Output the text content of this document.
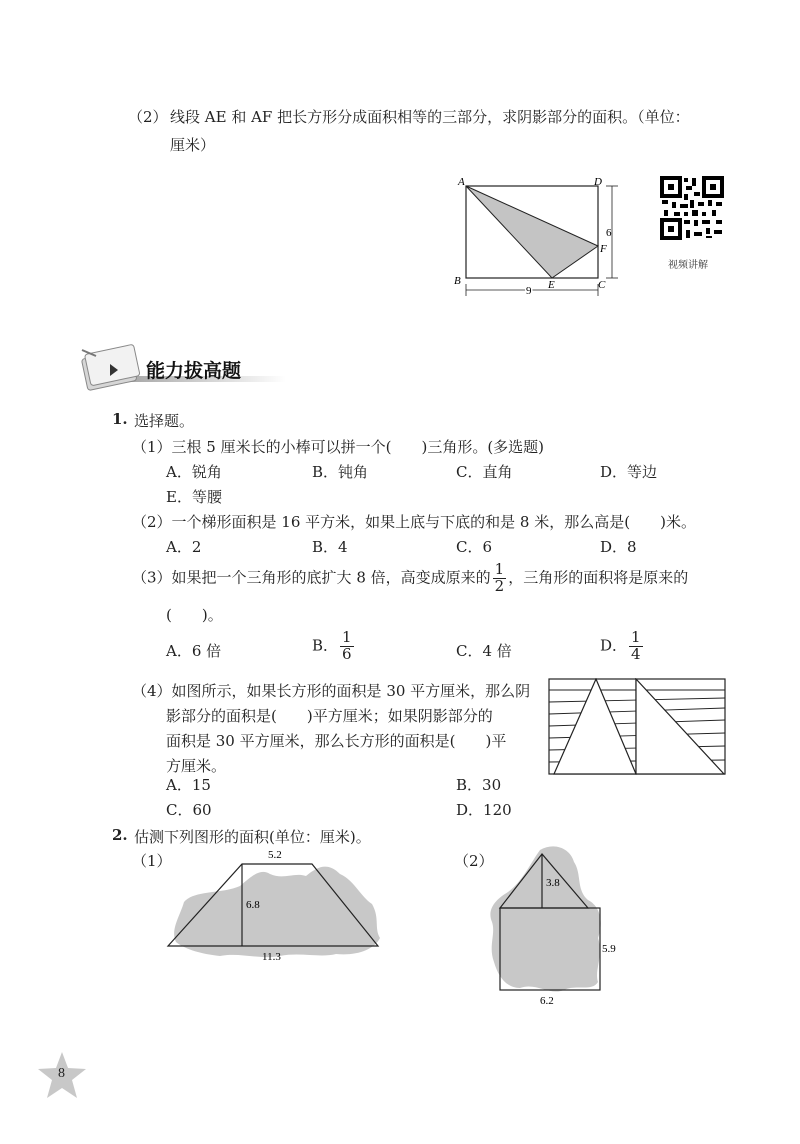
（2） 线段 AE 和 AF 把长方形分成面积相等的三部分，求阴影部分的面积。（单位：
厘米）
A	D
B	C
E
F
6
9
视频讲解
能力拔高题
1. 选择题。
（1）三根 5 厘米长的小棒可以拼一个(　　)三角形。(多选题)
A．锐角	B．钝角	C．直角	D．等边
E．等腰
（2）一个梯形面积是 16 平方米，如果上底与下底的和是 8 米，那么高是(　　)米。
A．2	B．4	C．6	D．8
（3）如果把一个三角形的底扩大 8 倍，高变成原来的 $\frac{1}{2}$ ，三角形的面积将是原来的
(　　)。
A．6 倍	B． $\frac{1}{6}$	C．4 倍	D． $\frac{1}{4}$
（4）如图所示，如果长方形的面积是 30 平方厘米，那么阴
影部分的面积是(　　)平方厘米；如果阴影部分的
面积是 30 平方厘米，那么长方形的面积是(　　)平
方厘米。
A．15	B．30
C．60	D．120
2. 估测下列图形的面积(单位：厘米)。
（1）	5.2
6.8
11.3
（2）
3.8
5.9
6.2
8
